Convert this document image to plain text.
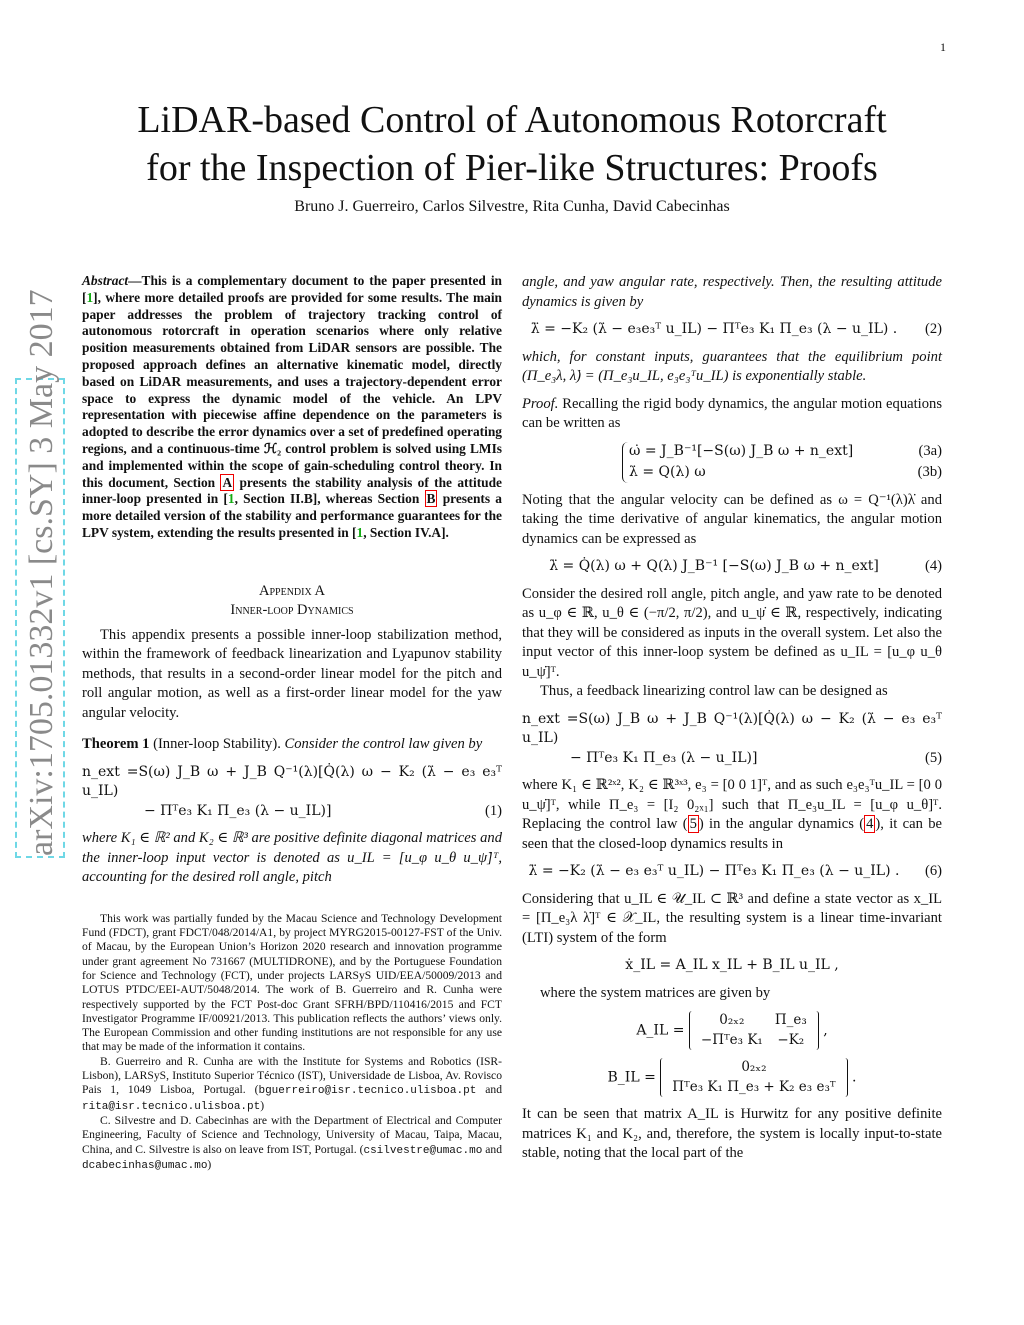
1
arXiv:1705.01332v1 [cs.SY] 3 May 2017
LiDAR-based Control of Autonomous Rotorcraft
for the Inspection of Pier-like Structures: Proofs
Bruno J. Guerreiro, Carlos Silvestre, Rita Cunha, David Cabecinhas

Abstract—This is a complementary document to the paper presented in [1], where more detailed proofs are provided for some results. The main paper addresses the problem of trajectory tracking control of autonomous rotorcraft in operation scenarios where only relative position measurements obtained from LiDAR sensors are possible. The proposed approach defines an alternative kinematic model, directly based on LiDAR measurements, and uses a trajectory-dependent error space to express the dynamic model of the vehicle. An LPV representation with piecewise affine dependence on the parameters is adopted to describe the error dynamics over a set of predefined operating regions, and a continuous-time ℋ₂ control problem is solved using LMIs and implemented within the scope of gain-scheduling control theory. In this document, Section A presents the stability analysis of the attitude inner-loop presented in [1, Section II.B], whereas Section B presents a more detailed version of the stability and performance guarantees for the LPV system, extending the results presented in [1, Section IV.A].

Appendix A
Inner-loop Dynamics

This appendix presents a possible inner-loop stabilization method, within the framework of feedback linearization and Lyapunov stability methods, that results in a second-order linear model for the pitch and roll angular motion, as well as a first-order linear model for the yaw angular velocity.

Theorem 1 (Inner-loop Stability). Consider the control law given by

n_ext =S(ω) J_B ω + J_B Q⁻¹(λ)[Q̇(λ) ω − K₂ (λ̇ − e₃ e₃ᵀ u_IL)
− Πᵀe₃ K₁ Π_e₃ (λ − u_IL)]	(1)

where K₁ ∈ ℝ² and K₂ ∈ ℝ³ are positive definite diagonal matrices and the inner-loop input vector is denoted as u_IL = [u_φ u_θ u_ψ̇]ᵀ, accounting for the desired roll angle, pitch

This work was partially funded by the Macau Science and Technology Development Fund (FDCT), grant FDCT/048/2014/A1, by project MYRG2015-00127-FST of the Univ. of Macau, by the European Union’s Horizon 2020 research and innovation programme under grant agreement No 731667 (MULTIDRONE), and by the Portuguese Foundation for Science and Technology (FCT), under projects LARSyS UID/EEA/50009/2013 and LOTUS PTDC/EEI-AUT/5048/2014. The work of B. Guerreiro and R. Cunha were respectively supported by the FCT Post-doc Grant SFRH/BPD/110416/2015 and FCT Investigator Programme IF/00921/2013. This publication reflects the authors’ views only. The European Commission and other funding institutions are not responsible for any use that may be made of the information it contains.

B. Guerreiro and R. Cunha are with the Institute for Systems and Robotics (ISR-Lisbon), LARSyS, Instituto Superior Técnico (IST), Universidade de Lisboa, Av. Rovisco Pais 1, 1049 Lisboa, Portugal. (bguerreiro@isr.tecnico.ulisboa.pt and rita@isr.tecnico.ulisboa.pt)

C. Silvestre and D. Cabecinhas are with the Department of Electrical and Computer Engineering, Faculty of Science and Technology, University of Macau, Taipa, Macau, China, and C. Silvestre is also on leave from IST, Portugal. (csilvestre@umac.mo and dcabecinhas@umac.mo)

angle, and yaw angular rate, respectively. Then, the resulting attitude dynamics is given by

λ̈ = −K₂ (λ̇ − e₃e₃ᵀ u_IL) − Πᵀe₃ K₁ Π_e₃ (λ − u_IL) .	(2)

which, for constant inputs, guarantees that the equilibrium point (Π_e₃λ, λ̇) = (Π_e₃u_IL, e₃e₃ᵀu_IL) is exponentially stable.

Proof. Recalling the rigid body dynamics, the angular motion equations can be written as

ω̇ = J_B⁻¹[−S(ω) J_B ω + n_ext]	(3a)
λ̇ = Q(λ) ω	(3b)

Noting that the angular velocity can be defined as ω = Q⁻¹(λ)λ̇ and taking the time derivative of angular kinematics, the angular motion dynamics can be expressed as

λ̈ = Q̇(λ) ω + Q(λ) J_B⁻¹ [−S(ω) J_B ω + n_ext]	(4)

Consider the desired roll angle, pitch angle, and yaw rate to be denoted as u_φ ∈ ℝ, u_θ ∈ (−π/2, π/2), and u_ψ̇ ∈ ℝ, respectively, indicating that they will be considered as inputs in the overall system. Let also the input vector of this inner-loop system be defined as u_IL = [u_φ u_θ u_ψ̇]ᵀ.

Thus, a feedback linearizing control law can be designed as

n_ext =S(ω) J_B ω + J_B Q⁻¹(λ)[Q̇(λ) ω − K₂ (λ̇ − e₃ e₃ᵀ u_IL)
− Πᵀe₃ K₁ Π_e₃ (λ − u_IL)]	(5)

where K₁ ∈ ℝ²ˣ², K₂ ∈ ℝ³ˣ³, e₃ = [0 0 1]ᵀ, and as such e₃e₃ᵀu_IL = [0 0 u_ψ̇]ᵀ, while Π_e₃ = [I₂ 0₂ₓ₁] such that Π_e₃u_IL = [u_φ u_θ]ᵀ. Replacing the control law ( 5 ) in the angular dynamics ( 4 ), it can be seen that the closed-loop dynamics results in

λ̈ = −K₂ (λ̇ − e₃ e₃ᵀ u_IL) − Πᵀe₃ K₁ Π_e₃ (λ − u_IL) .	(6)

Considering that u_IL ∈ 𝒰_IL ⊂ ℝ³ and define a state vector as x_IL = [Π_e₃λ λ̇]ᵀ ∈ 𝒳_IL, the resulting system is a linear time-invariant (LTI) system of the form

ẋ_IL = A_IL x_IL + B_IL u_IL ,

where the system matrices are given by

A_IL =
0₂ₓ₂	Π_e₃
−Πᵀe₃ K₁	−K₂
,
B_IL =
0₂ₓ₂
Πᵀe₃ K₁ Π_e₃ + K₂ e₃ e₃ᵀ
.

It can be seen that matrix A_IL is Hurwitz for any positive definite matrices K₁ and K₂, and, therefore, the system is locally input-to-state stable, noting that the local part of the
